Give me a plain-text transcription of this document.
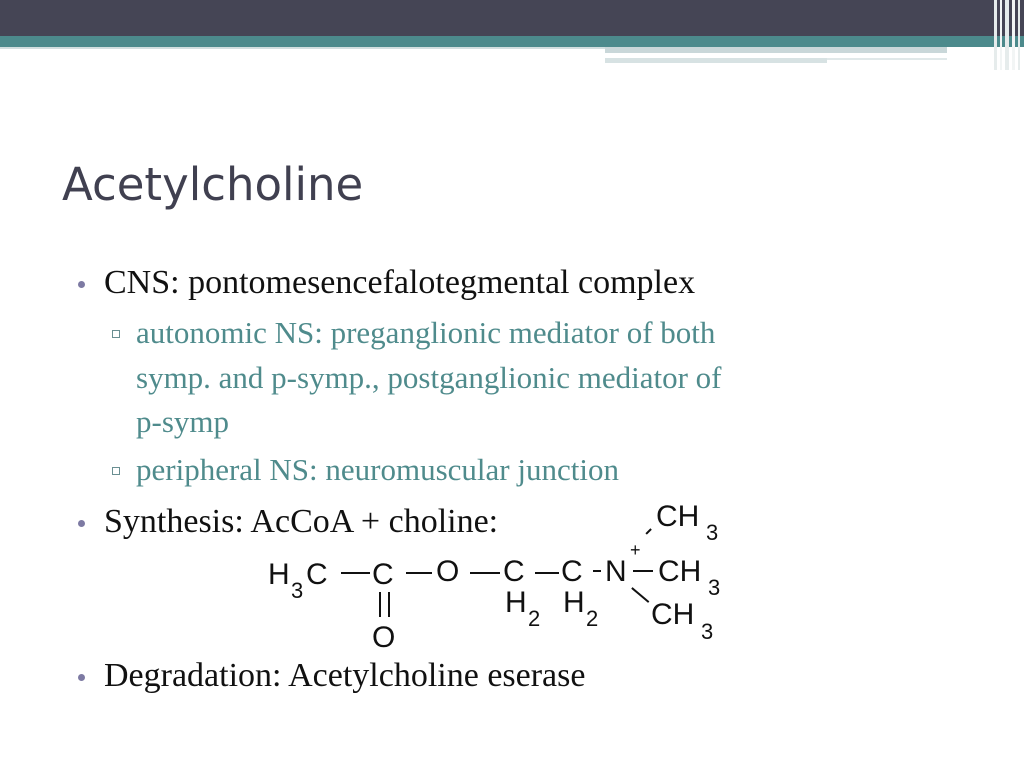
Acetylcholine
CNS: pontomesencefalotegmental complex
autonomic NS: preganglionic mediator of both
symp. and p-symp., postganglionic mediator of
p-symp
peripheral NS: neuromuscular junction
Synthesis: AcCoA + choline:
H 3 C C
O
O C
H 2
C
H 2
N
+
CH 3
CH 3
CH
3
Degradation: Acetylcholine eserase
